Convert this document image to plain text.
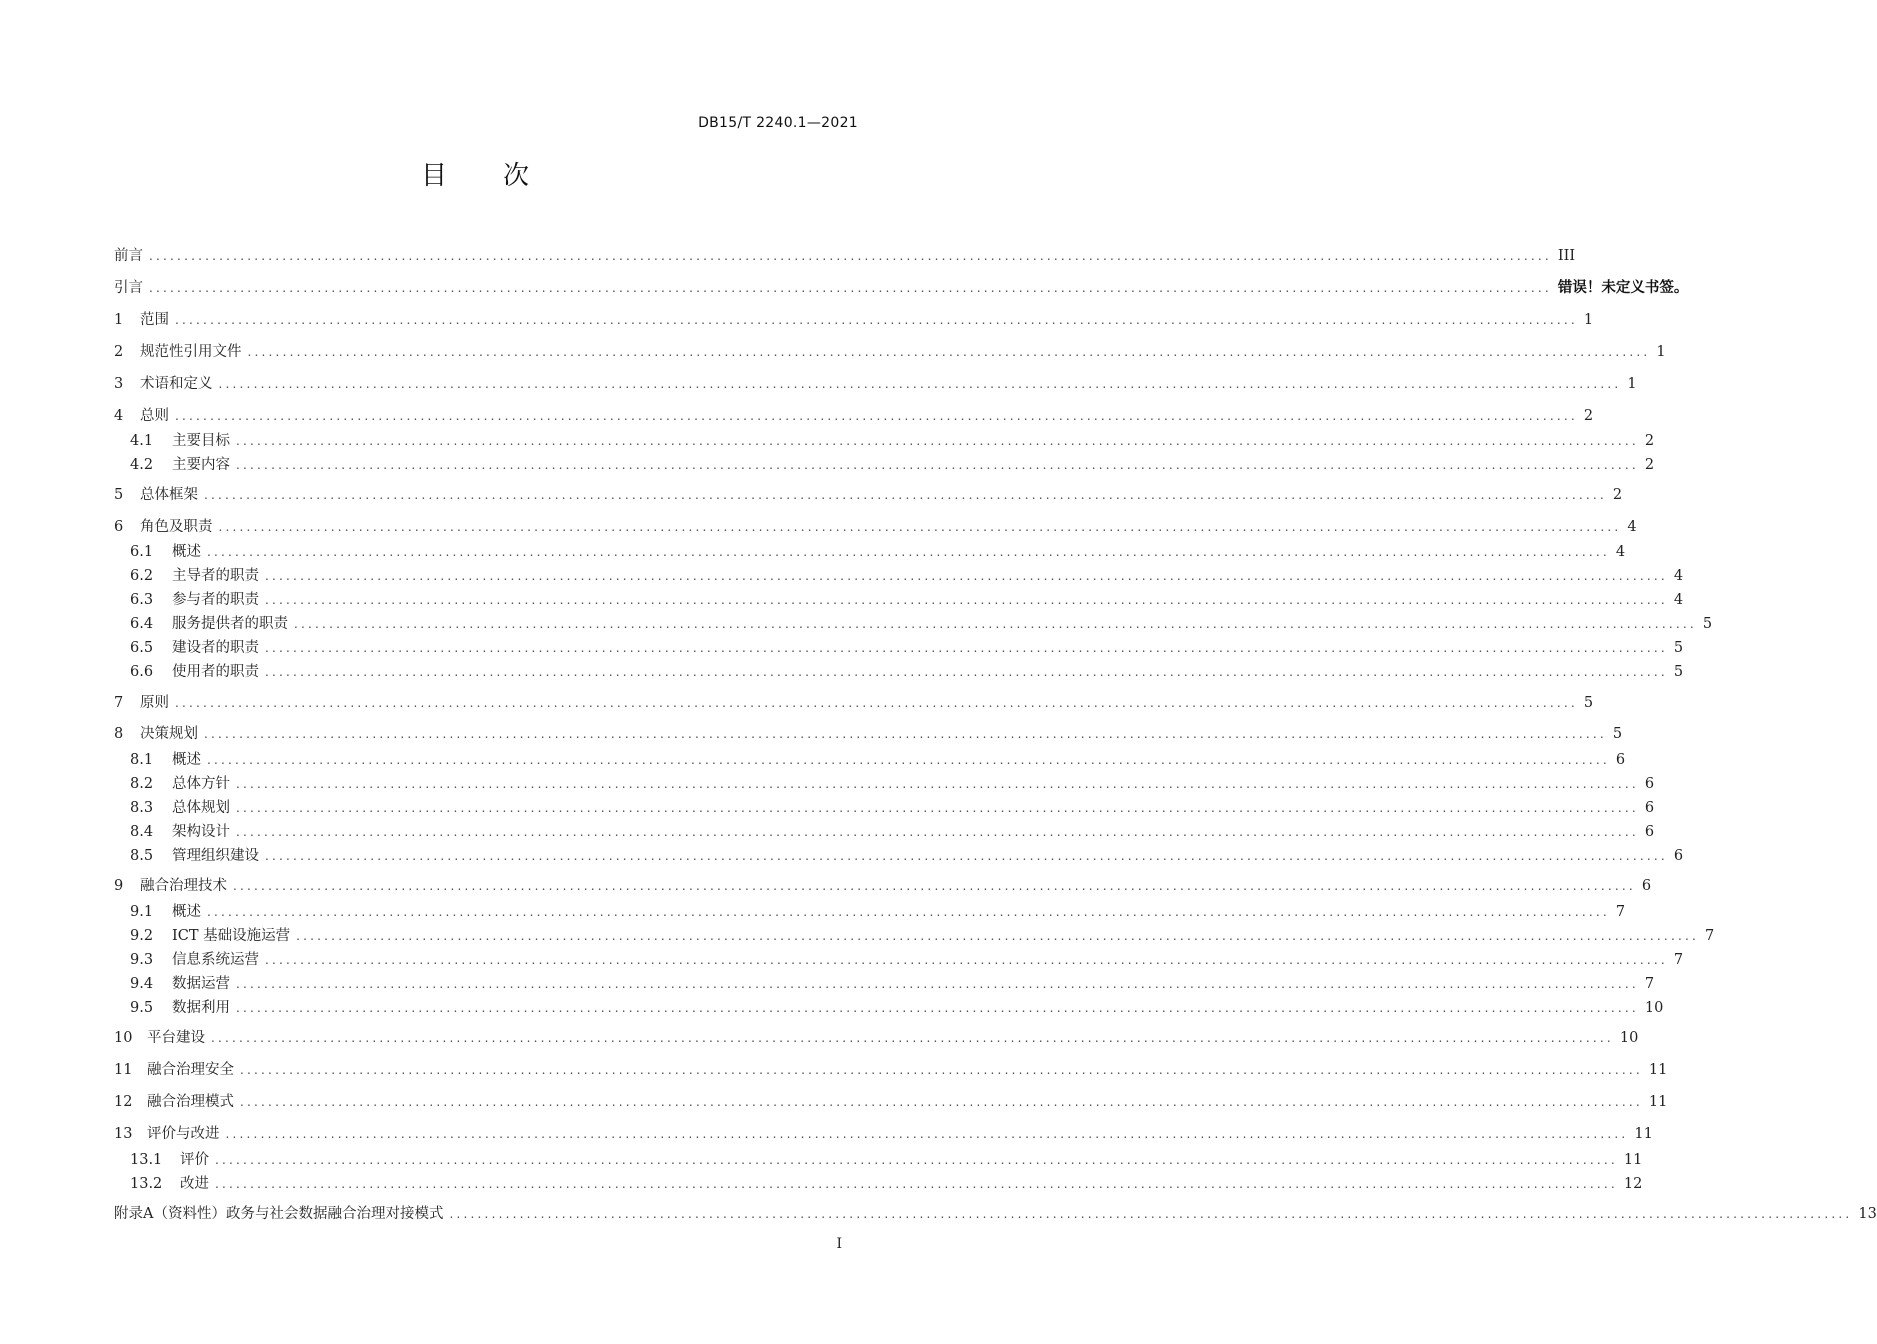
DB15/T 2240.1—2021
目 次
前言 ........................................................................................................................................................................................................ III
引言 ........................................................................................................................................................................................................ 错误！未定义书签。
1 范围 ........................................................................................................................................................................................................ 1
2 规范性引用文件 ........................................................................................................................................................................................................ 1
3 术语和定义 ........................................................................................................................................................................................................ 1
4 总则 ........................................................................................................................................................................................................ 2
4.1 主要目标 ........................................................................................................................................................................................................ 2
4.2 主要内容 ........................................................................................................................................................................................................ 2
5 总体框架 ........................................................................................................................................................................................................ 2
6 角色及职责 ........................................................................................................................................................................................................ 4
6.1 概述 ........................................................................................................................................................................................................ 4
6.2 主导者的职责 ........................................................................................................................................................................................................ 4
6.3 参与者的职责 ........................................................................................................................................................................................................ 4
6.4 服务提供者的职责 ........................................................................................................................................................................................................ 5
6.5 建设者的职责 ........................................................................................................................................................................................................ 5
6.6 使用者的职责 ........................................................................................................................................................................................................ 5
7 原则 ........................................................................................................................................................................................................ 5
8 决策规划 ........................................................................................................................................................................................................ 5
8.1 概述 ........................................................................................................................................................................................................ 6
8.2 总体方针 ........................................................................................................................................................................................................ 6
8.3 总体规划 ........................................................................................................................................................................................................ 6
8.4 架构设计 ........................................................................................................................................................................................................ 6
8.5 管理组织建设 ........................................................................................................................................................................................................ 6
9 融合治理技术 ........................................................................................................................................................................................................ 6
9.1 概述 ........................................................................................................................................................................................................ 7
9.2 ICT 基础设施运营 ........................................................................................................................................................................................................ 7
9.3 信息系统运营 ........................................................................................................................................................................................................ 7
9.4 数据运营 ........................................................................................................................................................................................................ 7
9.5 数据利用 ........................................................................................................................................................................................................ 10
10 平台建设 ........................................................................................................................................................................................................ 10
11 融合治理安全 ........................................................................................................................................................................................................ 11
12 融合治理模式 ........................................................................................................................................................................................................ 11
13 评价与改进 ........................................................................................................................................................................................................ 11
13.1 评价 ........................................................................................................................................................................................................ 11
13.2 改进 ........................................................................................................................................................................................................ 12
附录A（资料性）政务与社会数据融合治理对接模式 ........................................................................................................................................................................................................ 13
I
